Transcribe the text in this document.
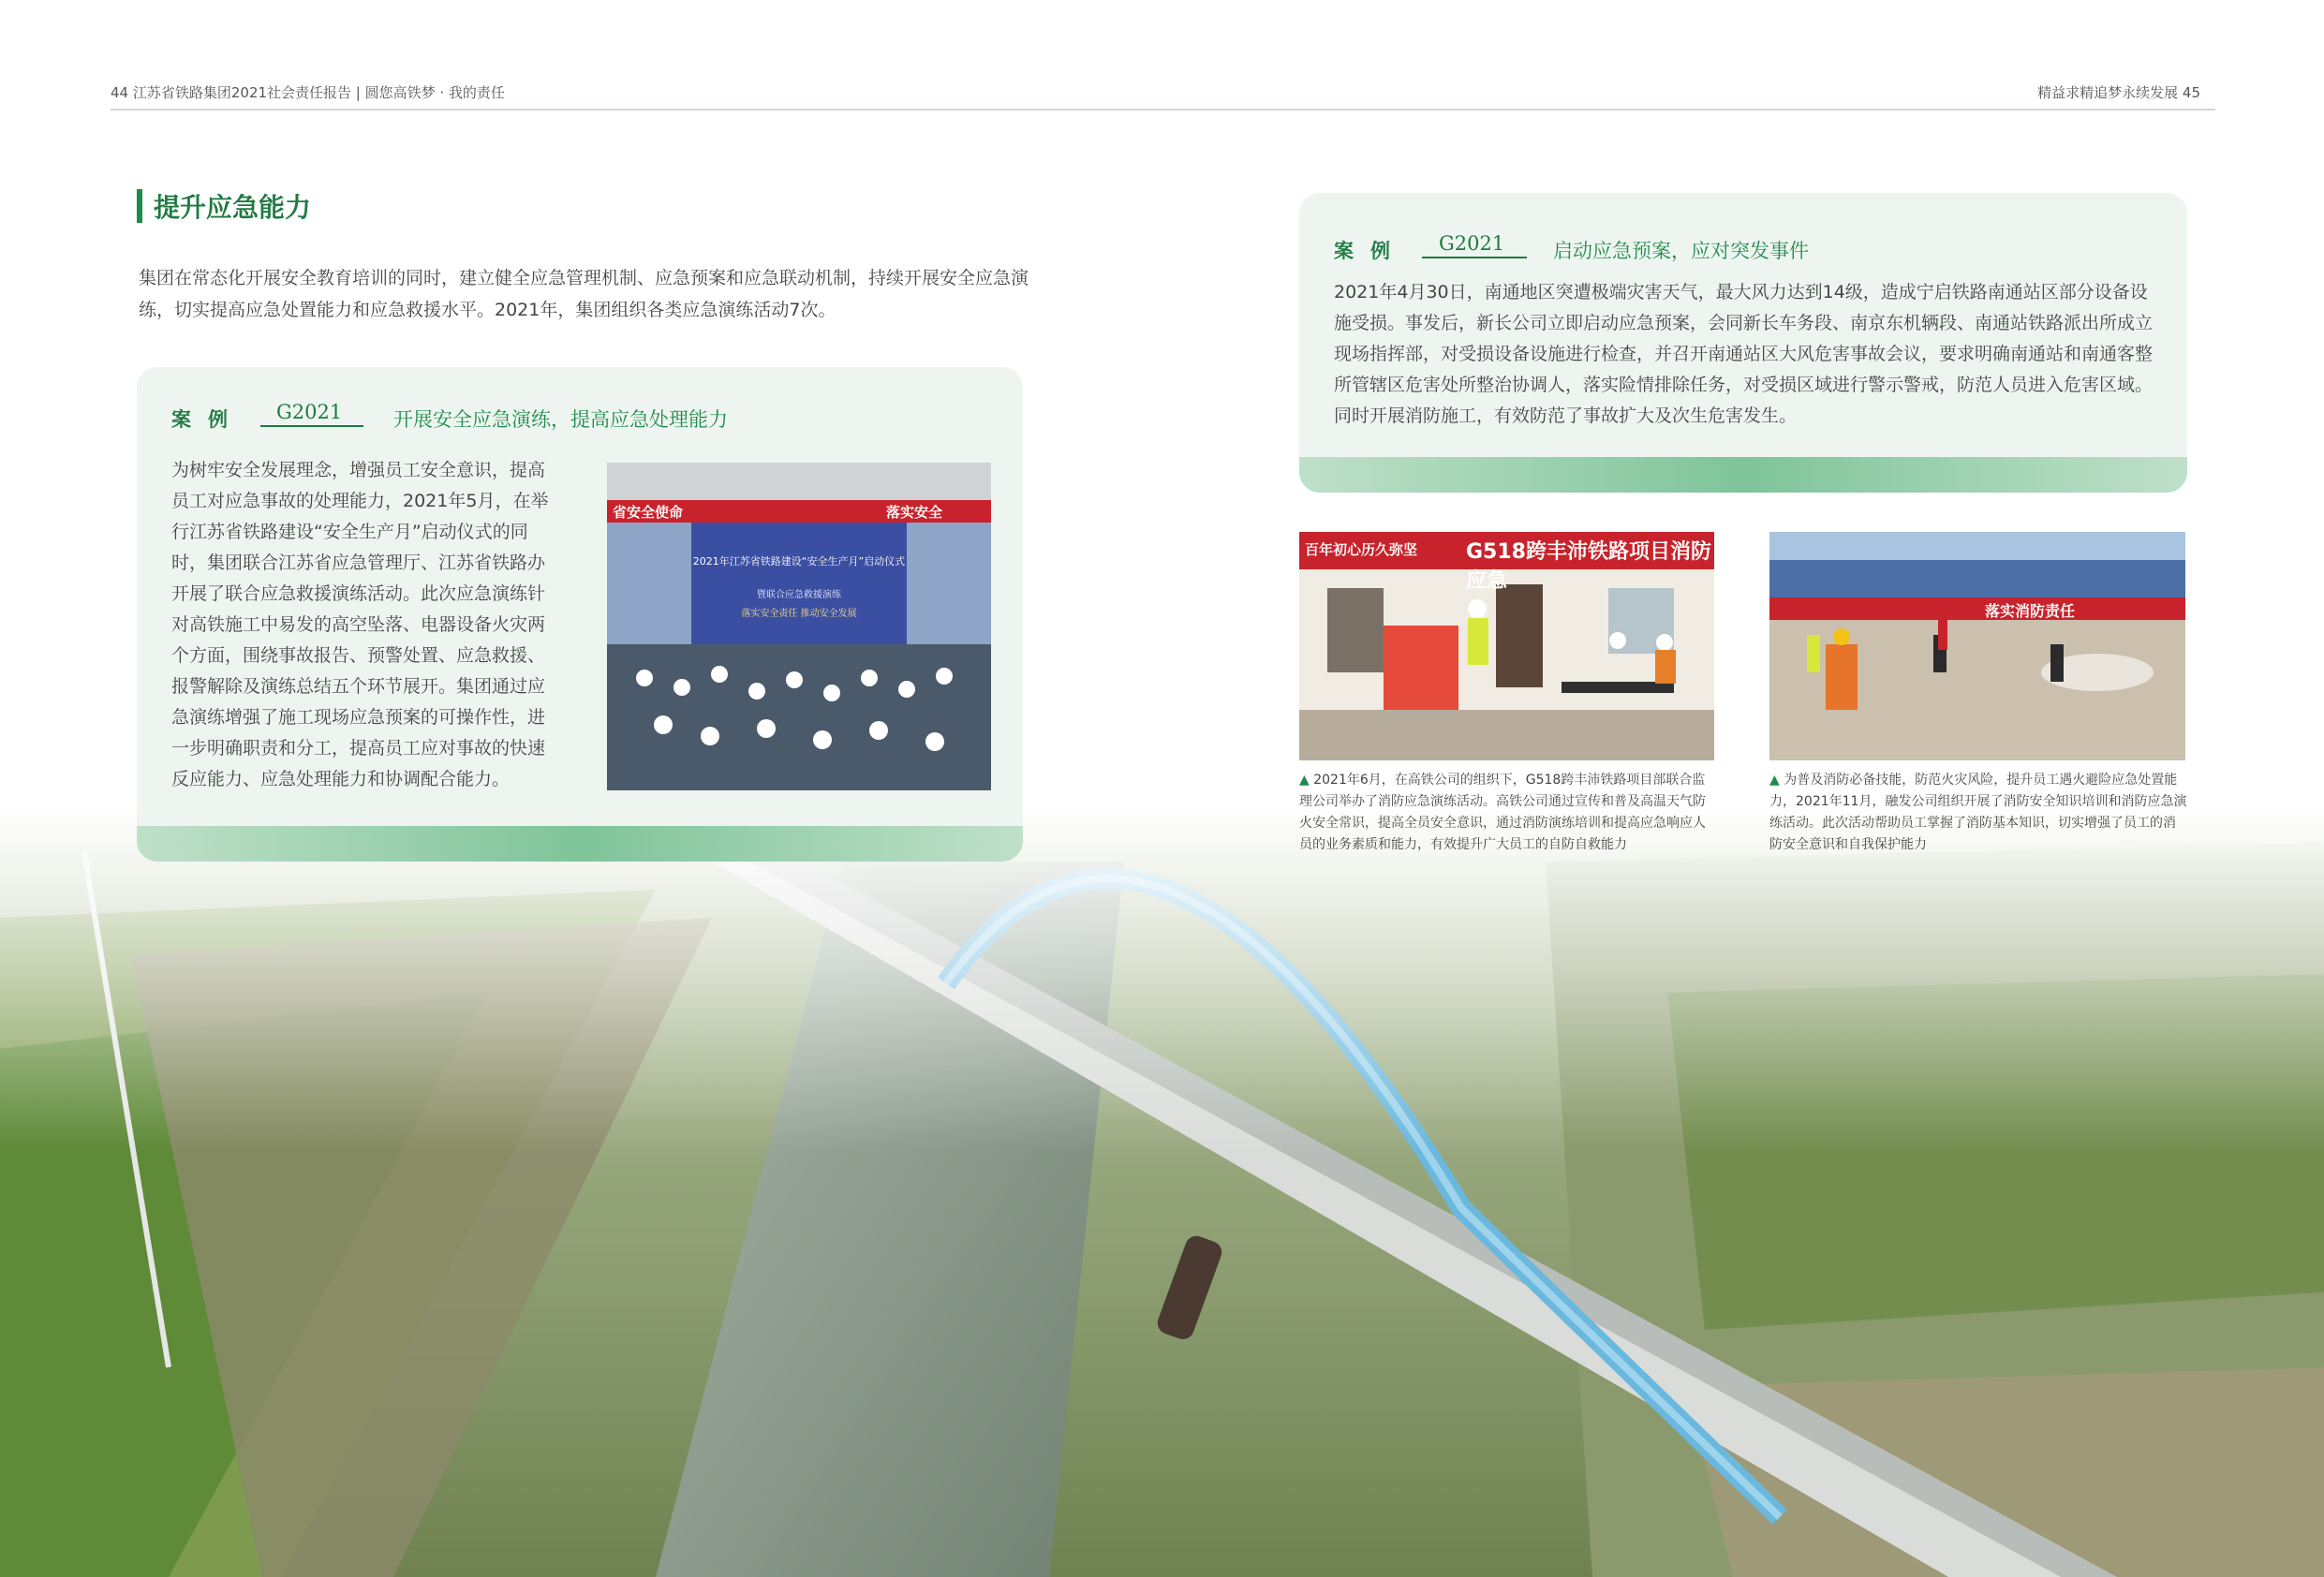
44 江苏省铁路集团2021社会责任报告 | 圆您高铁梦 · 我的责任	精益求精追梦永续发展 45
提升应急能力
集团在常态化开展安全教育培训的同时，建立健全应急管理机制、应急预案和应急联动机制，持续开展安全应急演练，切实提高应急处置能力和应急救援水平。2021年，集团组织各类应急演练活动7次。
案例 G2021	开展安全应急演练，提高应急处理能力
为树牢安全发展理念，增强员工安全意识，提高员工对应急事故的处理能力，2021年5月，在举行江苏省铁路建设“安全生产月”启动仪式的同时，集团联合江苏省应急管理厅、江苏省铁路办开展了联合应急救援演练活动。此次应急演练针对高铁施工中易发的高空坠落、电器设备火灾两个方面，围绕事故报告、预警处置、应急救援、报警解除及演练总结五个环节展开。集团通过应急演练增强了施工现场应急预案的可操作性，进一步明确职责和分工，提高员工应对事故的快速反应能力、应急处理能力和协调配合能力。
省安全使命	落实安全
2021年江苏省铁路建设“安全生产月”启动仪式
暨联合应急救援演练
落实安全责任 推动安全发展
案例 G2021 启动应急预案，应对突发事件
2021年4月30日，南通地区突遭极端灾害天气，最大风力达到14级，造成宁启铁路南通站区部分设备设施受损。事发后，新长公司立即启动应急预案，会同新长车务段、南京东机辆段、南通站铁路派出所成立现场指挥部，对受损设备设施进行检查，并召开南通站区大风危害事故会议，要求明确南通站和南通客整所管辖区危害处所整治协调人，落实险情排除任务，对受损区域进行警示警戒，防范人员进入危害区域。同时开展消防施工，有效防范了事故扩大及次生危害发生。
百年初心历久弥坚 G518跨丰沛铁路项目消防应急
▲ 2021年6月，在高铁公司的组织下，G518跨丰沛铁路项目部联合监理公司举办了消防应急演练活动。高铁公司通过宣传和普及高温天气防火安全常识，提高全员安全意识，通过消防演练培训和提高应急响应人员的业务素质和能力，有效提升广大员工的自防自救能力
落实消防责任
▲ 为普及消防必备技能，防范火灾风险，提升员工遇火避险应急处置能力，2021年11月，融发公司组织开展了消防安全知识培训和消防应急演练活动。此次活动帮助员工掌握了消防基本知识，切实增强了员工的消防安全意识和自我保护能力
